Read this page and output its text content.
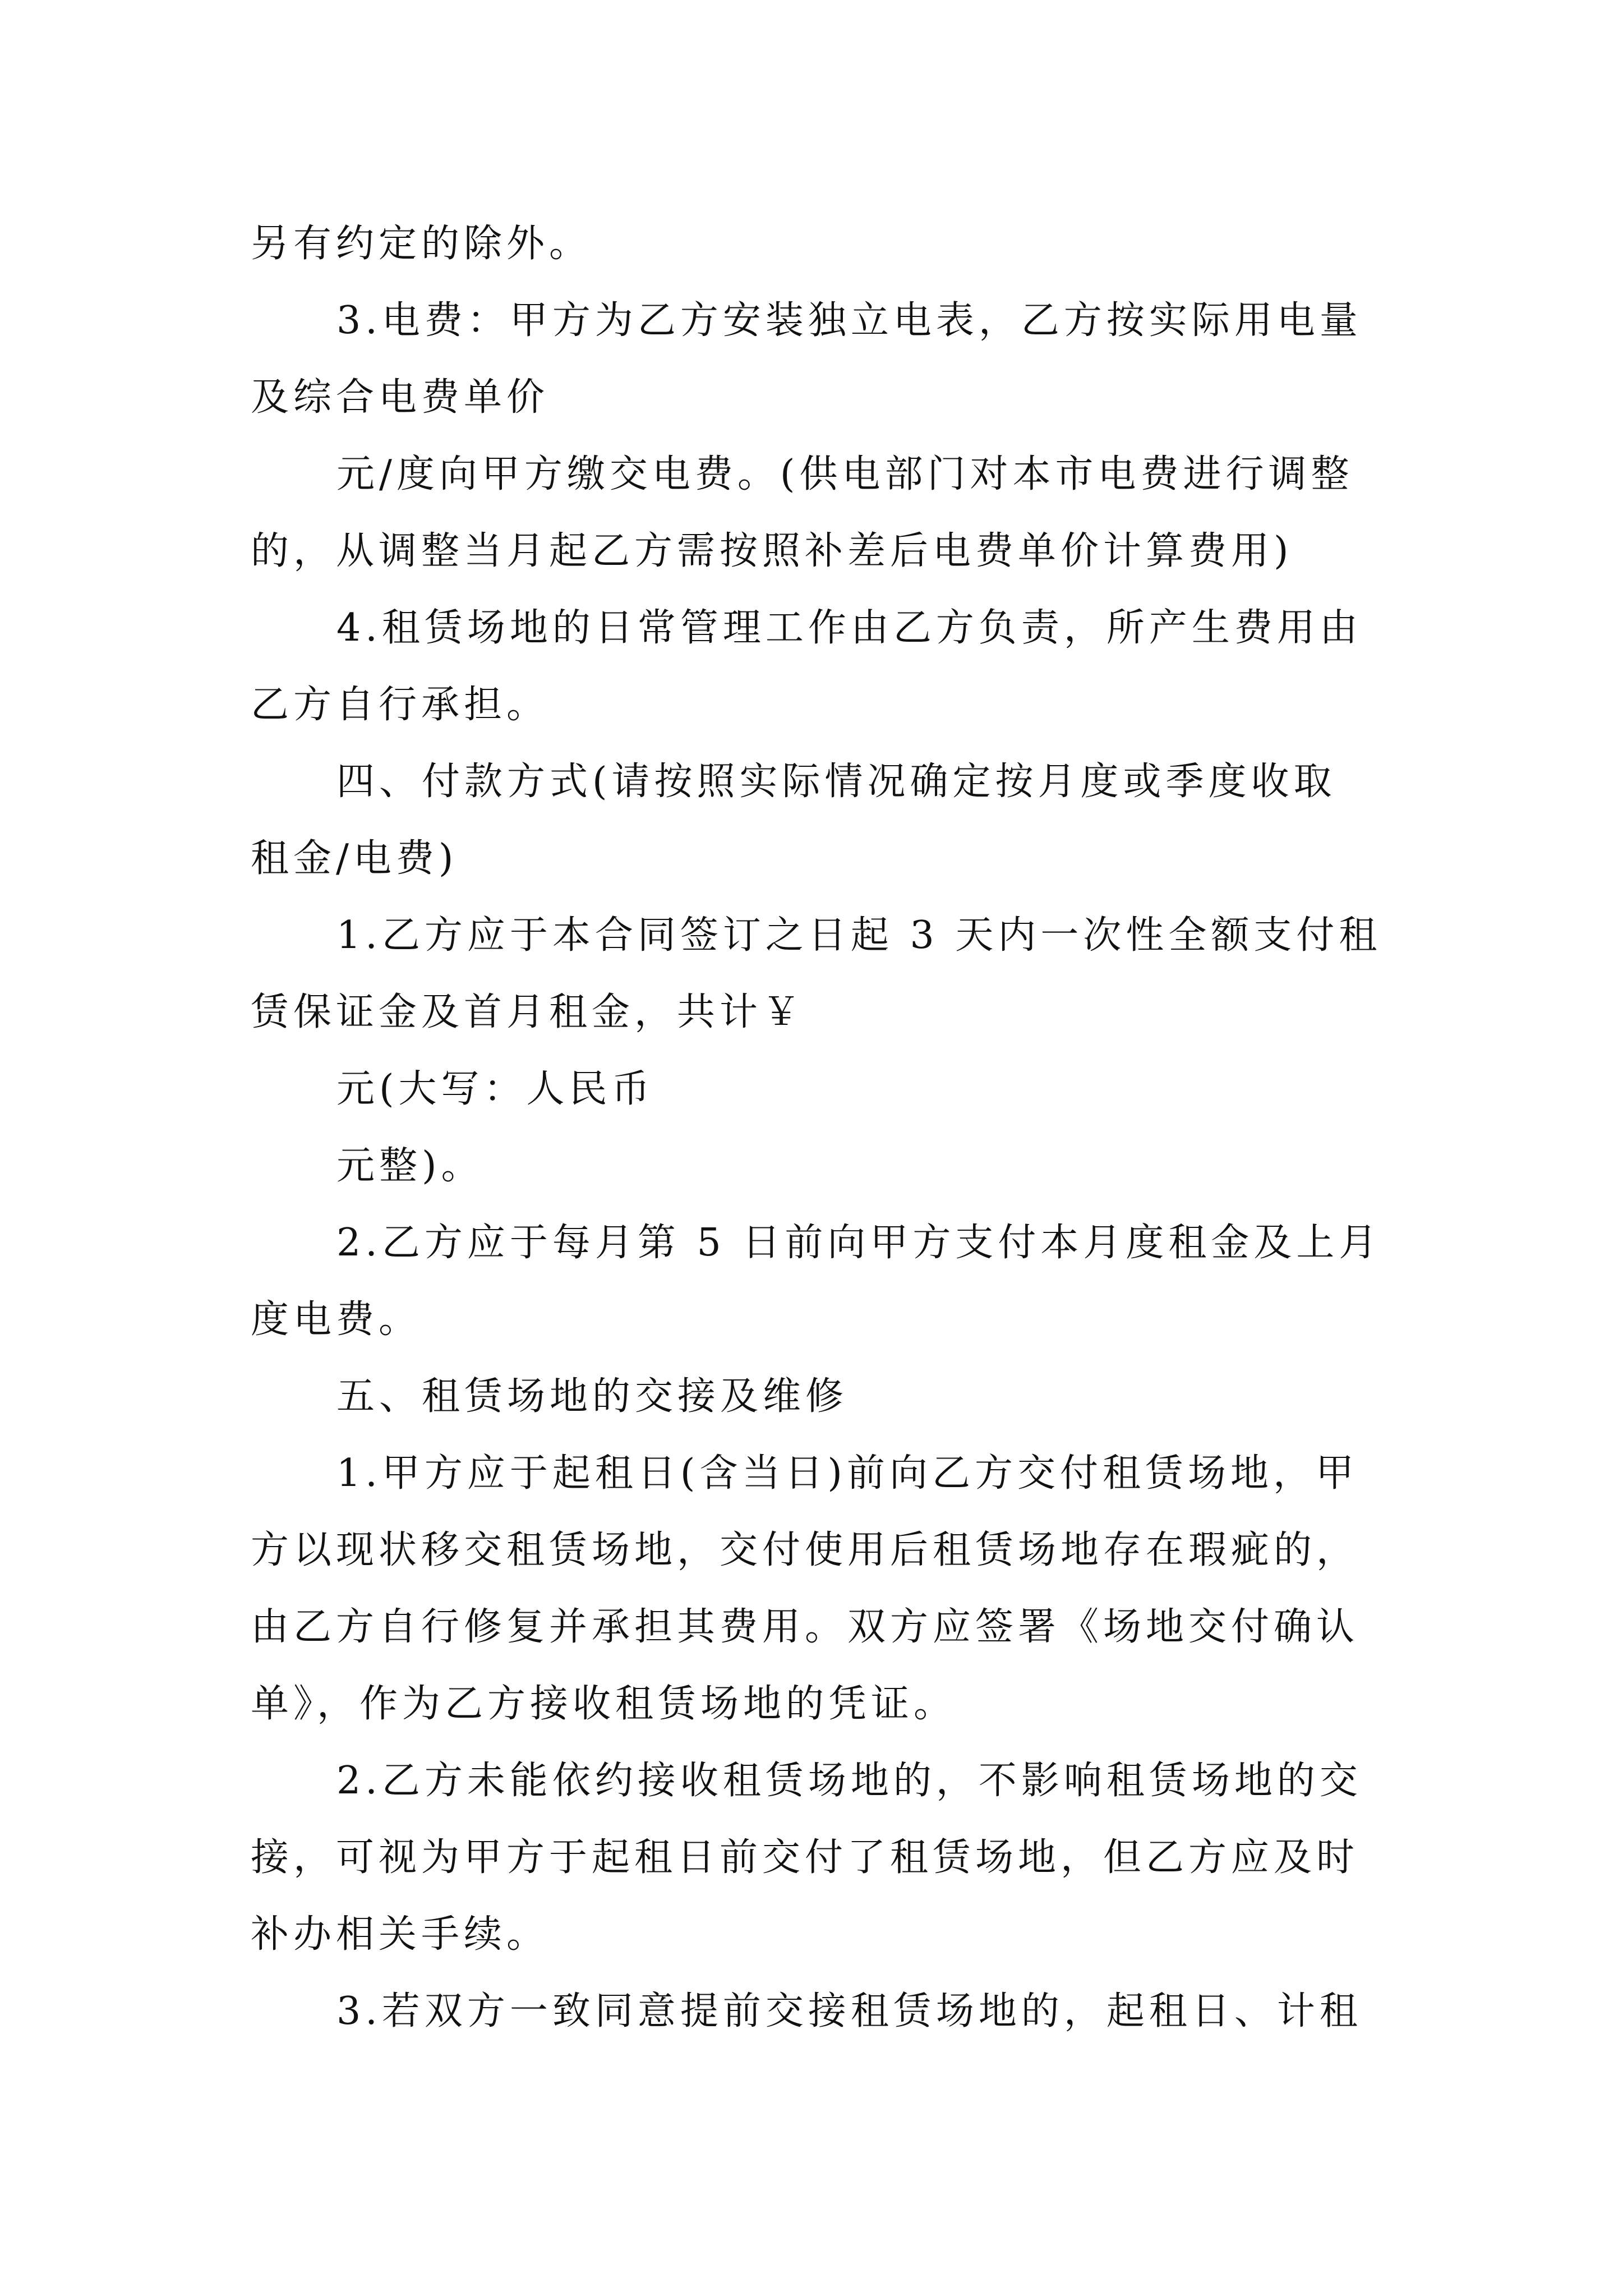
另有约定的除外。
3.电费：甲方为乙方安装独立电表，乙方按实际用电量
及综合电费单价
元/度向甲方缴交电费。(供电部门对本市电费进行调整
的，从调整当月起乙方需按照补差后电费单价计算费用)
4.租赁场地的日常管理工作由乙方负责，所产生费用由
乙方自行承担。
四、付款方式(请按照实际情况确定按月度或季度收取
租金/电费)
1.乙方应于本合同签订之日起 3 天内一次性全额支付租
赁保证金及首月租金，共计￥
元(大写：人民币
元整)。
2.乙方应于每月第 5 日前向甲方支付本月度租金及上月
度电费。
五、租赁场地的交接及维修
1.甲方应于起租日(含当日)前向乙方交付租赁场地，甲
方以现状移交租赁场地，交付使用后租赁场地存在瑕疵的，
由乙方自行修复并承担其费用。双方应签署《场地交付确认
单》，作为乙方接收租赁场地的凭证。
2.乙方未能依约接收租赁场地的，不影响租赁场地的交
接，可视为甲方于起租日前交付了租赁场地，但乙方应及时
补办相关手续。
3.若双方一致同意提前交接租赁场地的，起租日、计租
